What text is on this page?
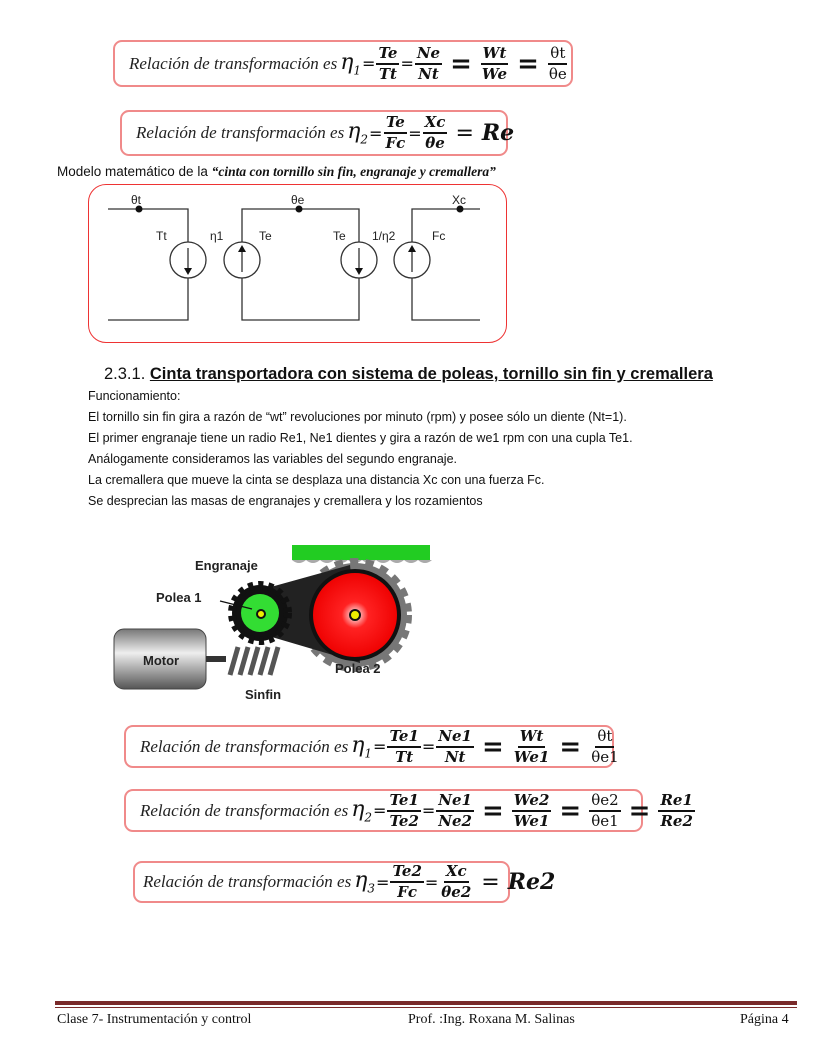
Relación de transformación es $\eta_1 = \frac{Te}{Tt} = \frac{Ne}{Nt} = \frac{Wt}{We} = \frac{\theta t}{\theta e}$
Relación de transformación es $\eta_2 = \frac{Te}{Fc} = \frac{Xc}{\theta e} = Re$
Modelo matemático de la “cinta con tornillo sin fin, engranaje y cremallera”
θt	θe	Xc
Tt	η1	Te	Te 1/η2	Fc
2.3.1. Cinta transportadora con sistema de poleas, tornillo sin fin y cremallera
Funcionamiento:
El tornillo sin fin gira a razón de “wt” revoluciones por minuto (rpm) y posee sólo un diente (Nt=1).
El primer engranaje tiene un radio Re1, Ne1 dientes y gira a razón de we1 rpm con una cupla Te1.
Análogamente consideramos las variables del segundo engranaje.
La cremallera que mueve la cinta se desplaza una distancia Xc con una fuerza Fc.
Se desprecian las masas de engranajes y cremallera y los rozamientos
Engranaje
Polea 1
Motor
Polea 2
Sinfin
Relación de transformación es $\eta_1 = \frac{Te1}{Tt} = \frac{Ne1}{Nt} = \frac{Wt}{We1} = \frac{\theta t}{\theta e1}$
Relación de transformación es $\eta_2 = \frac{Te1}{Te2} = \frac{Ne1}{Ne2} = \frac{We2}{We1} = \frac{\theta e2}{\theta e1} = \frac{Re1}{Re2}$
Relación de transformación es $\eta_3 = \frac{Te2}{Fc} = \frac{Xc}{\theta e2} = Re2$
Clase 7- Instrumentación y control	Prof. :Ing. Roxana M. Salinas	Página 4
